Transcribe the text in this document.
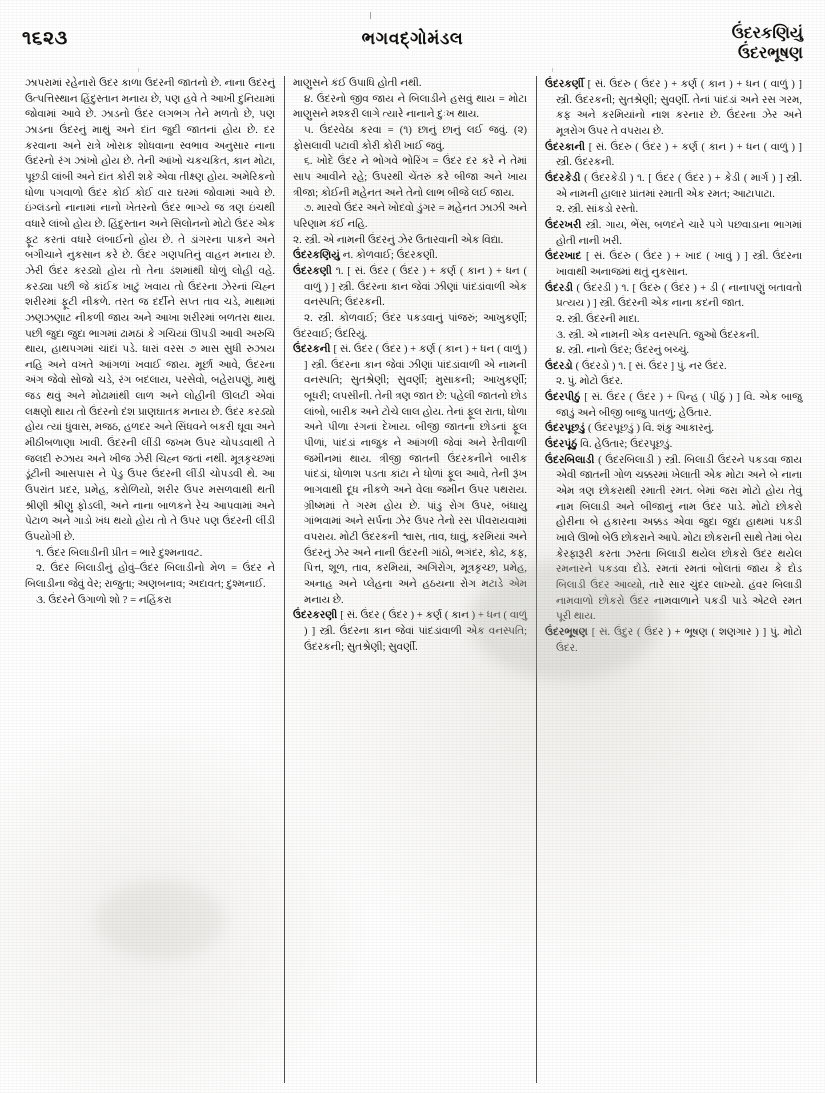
૧૬૨૩	ભગવદ્ગોમંડલ	ઉંદરકણિયું
ઉંદરભૂષણ

ઝાપરામાં રહેનારો ઉંદર કાળા ઉંદરની જાતનો છે. નાના ઉંદરનું ઉત્પત્તિસ્થાન હિંદુસ્તાન મનાય છે, પણ હવે તે આખી દુનિયામાં જોવામાં આવે છે. ઝાડનો ઉંદર લગભગ તેને મળતો છે, પણ ઝાડના ઉંદરનું માથું અને દાંત જુદી જાતનાં હોય છે. દર કરવાના અને રાત્રે ખોરાક શોધવાના સ્વભાવ અનુસાર નાના ઉંદરનો રંગ ઝાંખો હોય છે. તેની આંખો ચકચકિત, કાન મોટા, પૂછડી લાંબી અને દાંત કોરી શકે એવા તીક્ષ્ણ હોય. અમેરિકનો ધોળા પગવાળો ઉંદર કોઈ કોઈ વાર ઘરમાં જોવામાં આવે છે. ઇંગ્લંડનો નાનામાં નાનો ખેતરનો ઉંદર ભાગ્યે જ ત્રણ ઇંચથી વધારે લાંબો હોય છે. હિંદુસ્તાન અને સિલોનનો મોટો ઉંદર એક ફૂટ કરતાં વધારે લંબાઈનો હોય છે. તે ડાંગરના પાકને અને બગીચાને નુકસાન કરે છે. ઉંદર ગણપતિનું વાહન મનાય છે. ઝેરી ઉંદર કરડ્યો હોય તો તેના ડંશમાંથી ધોળું લોહી વહે. કરડ્યા પછી જે કાંઈક ખાટું ખવાય તો ઉંદરના ઝેરનાં ચિહ્ન શરીરમાં ફૂટી નીકળે. તરત જ દર્દીને સપ્ત તાવ ચડે, માથામાં ઝણઝણાટ નીકળી જાય અને આખા શરીરમાં બળતરા થાય. પછી જુદા જુદા ભાગમાં ઢામઠાં કે ગચિયાં ઊપડી આવી અરુચિ થાય, હાથપગમાં ચાંદાં પડે. ધારાં વરસ ૭ માસ સુધી રુઝાય નહિ અને વખતે આંગળાં ખવાઈ જાય. મૂર્છા આવે, ઉંદરના અંગ જેવો સોજો ચડે, રંગ બદલાય, પરસેવો, બહેરાપણું, માથું જડ થવું અને મોઢામાંથી લાળ અને લોહીની ઊલટી એવાં લક્ષણો થાય તો ઉંદરનો દંશ પ્રાણઘાતક મનાય છે. ઉંદર કરડ્યો હોય ત્યાં ધુંવાસ, મજઠ, હળદર અને સિંધવને બકરી ઘૂવા અને મીઠીબળાણા ખાવી. ઉંદરની લીંડી જખમ ઉપર ચોપડવાથી તે જલદી રુઝાય અને ખીજ ઝેરી ચિહ્ન જતાં નથી. મૂત્રકૃચ્છમાં ડૂંટીની આસપાસ ને પેડુ ઉપર ઉંદરની લીંડી ચોપડવી થે. આ ઉપરાંત પ્રદર, પ્રમેહ, કરોળિયો, શરીર ઉપર મસળવાથી થતી શ્રીણી શ્રીણુ ફોડલી, અને નાના બાળકને રેચ આપવામાં અને પેટાળ અને ગાડો ખંધ થયો હોય તો તે ઉપર પણ ઉંદરની લીંડી ઉપયોગી છે.

૧. ઉંદર બિલાડીની પ્રીત = ભારે દુશ્મનાવટ.

૨. ઉંદર બિલાડીનું હોવું–ઉંદર બિલાડીનો મેળ = ઉંદર ને બિલાડીના જેવું વેર; રાજુતા; અણબનાવ; અદાવત; દુશ્મનાઈ.

૩. ઉંદરને ઉગાળો શો ? = નહિંકરા

માણુસને કંઈ ઉપાધિ હોતી નથી.

૪. ઉંદરનો જીવ જાય ને બિલાડીને હસવું થાય = મોટા માણુસને મશ્કરી લાગે ત્યારે નાનાને દુઃખ થાય.

૫. ઉંદરવેઠા કરવા = (૧) છાનું છાનું લઈ જવું. (૨) ફોસલાવી પટાવી કોરી કોરી ખાઈ જવું.

૬. ખોદે ઉંદર ને ભોગવે ભોરિંગ = ઉંદર દર કરે ને તેમાં સાપ આવીને રહે; ઉપરથી ચેંતરું કરે બીજા અને ખાય ત્રીજા; કોઈની મહેનત અને તેનો લાભ બીજે લઈ જાય.

૭. મારવો ઉંદર અને ખોદવો ડુંગર = મહેનત ઝાઝી અને પરિણામ કંઈ નહિ.

૨. સ્ત્રી. એ નામની ઉંદરનું ઝેર ઉતારવાની એક વિદ્યા.

ઉંદરકણિયું ન. કોળવાઈ; ઉંદરકણી.

ઉંદરકણી ૧. [ સં. ઉંદર ( ઉંદર ) + કર્ણ ( કાન ) + ધન ( વાળું ) ] સ્ત્રી. ઉંદરના કાન જેવાં ઝીણાં પાંદડાંવાળી એક વનસ્પતિ; ઉંદરકની.

૨. સ્ત્રી. કોળવાઈ; ઉંદર પકડવાનું પાંજરું; આખુકર્ણી; ઉંદરવાઈ; ઉંદરિયું.

ઉંદરકની [ સં. ઉંદર ( ઉંદર ) + કર્ણ ( કાન ) + ધન ( વાળું ) ] સ્ત્રી. ઉંદરના કાન જેવાં ઝીણાં પાંદડાંવાળી એ નામની વનસ્પતિ; સુતશ્રેણી; સુવર્ણી; મુસાકની; આખુકર્ણી; બૂધરી; લપસીની. તેની ત્રણ જાત છે: પહેલી જાતનો છોડ લાંબો, બારીક અને ટોચે લાલ હોય. તેનાં ફૂલ રાતા, ધોળા અને પીળા રંગનાં દેખાય. બીજી જાતના છોડનાં ફૂલ પીળાં, પાંદડાં નાજુક ને આંગળી જેવાં અને રેતીવાળી જમીનમાં થાય. ત્રીજી જાતની ઉંદરકનીને બારીક પાંદડાં, ધોળાશ પડતા કાંટા ને ધોળાં ફૂલ આવે, તેની રૂંખ ભાગવાથી દૂધ નીકળે અને વેલા જમીન ઉપર પથરાય. ગ્રીષ્મમાં તે ગરમ હોય છે. પાંડુ રોગ ઉપર, બંધાયુ ગાંભવામાં અને સર્પના ઝેર ઉપર તેનો રસ પીવરાયવામાં વપરાય. મોટી ઉંદરકની શ્વાસ, તાવ, ઘાવું, કરમિયાં અને ઉંદરનું ઝેર અને નાની ઉંદરની ગાંઠો, ભગંદર, કોઢ, કફ, પિત્ત, શૂળ, તાવ, કરમિયાં, અગિરોગ, મૂત્રકૃચ્છ, પ્રમેહ, અનાહ અને પ્લેહના અને હઠયના રોગ મટાડે એમ મનાય છે.

ઉંદરકરણી [ સં. ઉંદર ( ઉંદર ) + કર્ણ ( કાન ) + ધન ( વાળું ) ] સ્ત્રી. ઉંદરના કાન જેવાં પાંદડાંવાળી એક વનસ્પતિ; ઉંદરકની; સુતશ્રેણી; સુવર્ણી.

ઉંદરકર્ણી [ સં. ઉંદરુ ( ઉંદર ) + કર્ણ ( કાન ) + ધન ( વાળું ) ] સ્ત્રી. ઉંદરકની; સુતશ્રેણી; સુવર્ણી. તેનાં પાંદડાં અને રસ ગરમ, કફ અને કરમિયાંનો નાશ કરનાર છે. ઉંદરના ઝેર અને મૂત્રરોગ ઉપર તે વપરાય છે.

ઉંદરકાની [ સં. ઉંદરુ ( ઉંદર ) + કર્ણ ( કાન ) + ધન ( વાળું ) ] સ્ત્રી. ઉંદરકની.

ઉંદરકેડી ( ઉંદરકેડી ) ૧. [ ઉંદર ( ઉંદર ) + કેડી ( માર્ગ ) ] સ્ત્રી. એ નામની હાલાર પ્રાંતમાં રમાતી એક રમત; આટાપાટા.

૨. સ્ત્રી. સાંકડો રસ્તો.

ઉંદરખરી સ્ત્રી. ગાય, ભેંસ, બળદને ચારે પગે પછવાડાના ભાગમાં હોતી નાની ખરી.

ઉંદરખાદ [ સં. ઉંદરુ ( ઉંદર ) + ખાદ ( ખાવું ) ] સ્ત્રી. ઉંદરના ખાવાથી અનાજમાં થતું નુકસાન.

ઉંદરડી ( ઉંદરડી ) ૧. [ ઉંદરુ ( ઉંદર ) + ડી ( નાનાપણું બતાવતો પ્રત્યય ) ] સ્ત્રી. ઉંદરની એક નાના કદની જાત.

૨. સ્ત્રી. ઉંદરની માદા.

૩. સ્ત્રી. એ નામની એક વનસ્પતિ. જુઓ ઉંદરકની.

૪. સ્ત્રી. નાનો ઉંદર; ઉંદરનું બચ્ચું.

ઉંદરડો ( ઉંદરડો ) ૧. [ સં. ઉંદર ] પું. નર ઉંદર.

૨. પું. મોટો ઉંદર.

ઉંદરપીઠું [ સં. ઉંદર ( ઉંદર ) + પિન્હ ( પીઠું ) ] વિ. એક બાજુ જાડું અને બીજી બાજુ પાતળું; હેઉતાર.

ઉંદરપૂછડું ( ઉંદરપૂછડું ) વિ. શંકુ આકારનું.

ઉંદરપૂંઠું વિ. હેઉતાર; ઉંદરપૂછડું.

ઉંદરબિલાડી ( ઉંદરબિલાડી ) સ્ત્રી. બિલાડી ઉંદરને પકડવા જાય એવી જાતની ગોળ ચક્કરમાં ખેલાતી એક મોટા અને બે નાના એમ ત્રણ છોકરાથી રમાતી રમત. બેમાં જરા મોટો હોય તેવું નામ બિલાડી અને બીજાનું નામ ઉંદર પાડે. મોટો છોકરો હોરીના બે હકારના અક્કડ એવા જુદા જુદા હાથમાં પકડી ખાલે ઊભો બેઉ છોકરાને આપે. મોટા છોકરાની સાથે તેમાં બેય કેરફારૂરી કરતા ઝરતા બિલાડી થયેલ છોકરો ઉદર થયેલ રમનારને પકડવા દોડે. રમતાં રમતાં બોલતાં જાય કે દોડ બિલાડી ઉંદર આવ્યો, તારે સાર ચુંદર લાખ્યો. હંવર બિલાડી નામવાળો છોકરો ઉંદર નામવાળાને પકડી પાડે એટલે રમત પૂરી થાય.

ઉંદરભૂષણ [ સં. ઉંદુર ( ઉંદર ) + ભૂષણ ( શણગાર ) ] પું. મોટો ઉંદર.
